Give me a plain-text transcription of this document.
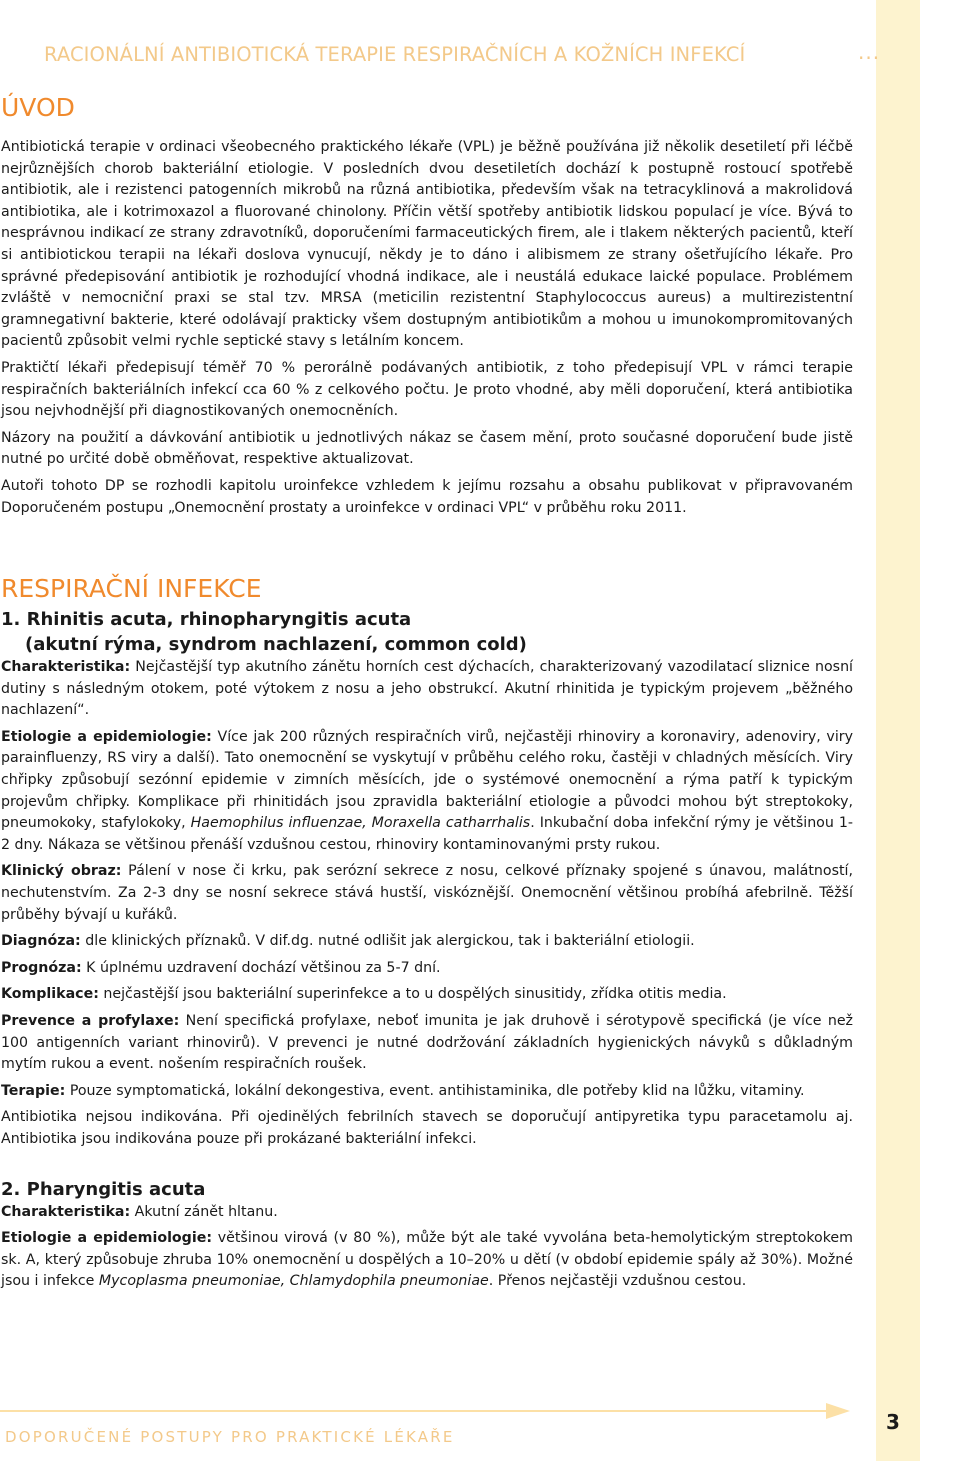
RACIONÁLNÍ ANTIBIOTICKÁ TERAPIE RESPIRAČNÍCH A KOŽNÍCH INFEKCÍ	...
ÚVOD

Antibiotická terapie v ordinaci všeobecného praktického lékaře (VPL) je běžně používána již několik desetiletí při léčbě nejrůznějších chorob bakteriální etiologie. V posledních dvou desetiletích dochází k postupně rostoucí spotřebě antibiotik, ale i rezistenci patogenních mikrobů na různá antibiotika, především však na tetracyklinová a makrolidová antibiotika, ale i kotrimoxazol a fluorované chinolony. Příčin větší spotřeby antibiotik lidskou populací je více. Bývá to nesprávnou indikací ze strany zdravotníků, doporučeními farmaceutických firem, ale i tlakem některých pacientů, kteří si antibiotickou terapii na lékaři doslova vynucují, někdy je to dáno i alibismem ze strany ošetřujícího lékaře. Pro správné předepisování antibiotik je rozhodující vhodná indikace, ale i neustálá edukace laické populace. Problémem zvláště v nemocniční praxi se stal tzv. MRSA (meticilin rezistentní Staphylococcus aureus) a multirezistentní gramnegativní bakterie, které odolávají prakticky všem dostupným antibiotikům a mohou u imunokompromitovaných pacientů způsobit velmi rychle septické stavy s letálním koncem.

Praktičtí lékaři předepisují téměř 70 % perorálně podávaných antibiotik, z toho předepisují VPL v rámci terapie respiračních bakteriálních infekcí cca 60 % z celkového počtu. Je proto vhodné, aby měli doporučení, která antibiotika jsou nejvhodnější při diagnostikovaných onemocněních.

Názory na použití a dávkování antibiotik u jednotlivých nákaz se časem mění, proto současné doporučení bude jistě nutné po určité době obměňovat, respektive aktualizovat.

Autoři tohoto DP se rozhodli kapitolu uroinfekce vzhledem k jejímu rozsahu a obsahu publikovat v připravovaném Doporučeném postupu „Onemocnění prostaty a uroinfekce v ordinaci VPL“ v průběhu roku 2011.

RESPIRAČNÍ INFEKCE
1. Rhinitis acuta, rhinopharyngitis acuta
(akutní rýma, syndrom nachlazení, common cold)

Charakteristika: Nejčastější typ akutního zánětu horních cest dýchacích, charakterizovaný vazodilatací sliznice nosní dutiny s následným otokem, poté výtokem z nosu a jeho obstrukcí. Akutní rhinitida je typickým projevem „běžného nachlazení“.

Etiologie a epidemiologie: Více jak 200 různých respiračních virů, nejčastěji rhinoviry a koronaviry, adenoviry, viry parainfluenzy, RS viry a další). Tato onemocnění se vyskytují v průběhu celého roku, častěji v chladných měsících. Viry chřipky způsobují sezónní epidemie v zimních měsících, jde o systémové onemocnění a rýma patří k typickým projevům chřipky. Komplikace při rhinitidách jsou zpravidla bakteriální etiologie a původci mohou být streptokoky, pneumokoky, stafylokoky, Haemophilus influenzae, Moraxella catharrhalis. Inkubační doba infekční rýmy je většinou 1-2 dny. Nákaza se většinou přenáší vzdušnou cestou, rhinoviry kontaminovanými prsty rukou.

Klinický obraz: Pálení v nose či krku, pak serózní sekrece z nosu, celkové příznaky spojené s únavou, malátností, nechutenstvím. Za 2-3 dny se nosní sekrece stává hustší, viskóznější. Onemocnění většinou probíhá afebrilně. Těžší průběhy bývají u kuřáků.

Diagnóza: dle klinických příznaků. V dif.dg. nutné odlišit jak alergickou, tak i bakteriální etiologii.

Prognóza: K úplnému uzdravení dochází většinou za 5-7 dní.

Komplikace: nejčastější jsou bakteriální superinfekce a to u dospělých sinusitidy, zřídka otitis media.

Prevence a profylaxe: Není specifická profylaxe, neboť imunita je jak druhově i sérotypově specifická (je více než 100 antigenních variant rhinovirů). V prevenci je nutné dodržování základních hygienických návyků s důkladným mytím rukou a event. nošením respiračních roušek.

Terapie: Pouze symptomatická, lokální dekongestiva, event. antihistaminika, dle potřeby klid na lůžku, vitaminy.

Antibiotika nejsou indikována. Při ojedinělých febrilních stavech se doporučují antipyretika typu paracetamolu aj. Antibiotika jsou indikována pouze při prokázané bakteriální infekci.

2. Pharyngitis acuta

Charakteristika: Akutní zánět hltanu.

Etiologie a epidemiologie: většinou virová (v 80 %), může být ale také vyvolána beta-hemolytickým streptokokem sk. A, který způsobuje zhruba 10% onemocnění u dospělých a 10–20% u dětí (v období epidemie spály až 30%). Možné jsou i infekce Mycoplasma pneumoniae, Chlamydophila pneumoniae. Přenos nejčastěji vzdušnou cestou.

DOPORUČENÉ POSTUPY PRO PRAKTICKÉ LÉKAŘE
3
